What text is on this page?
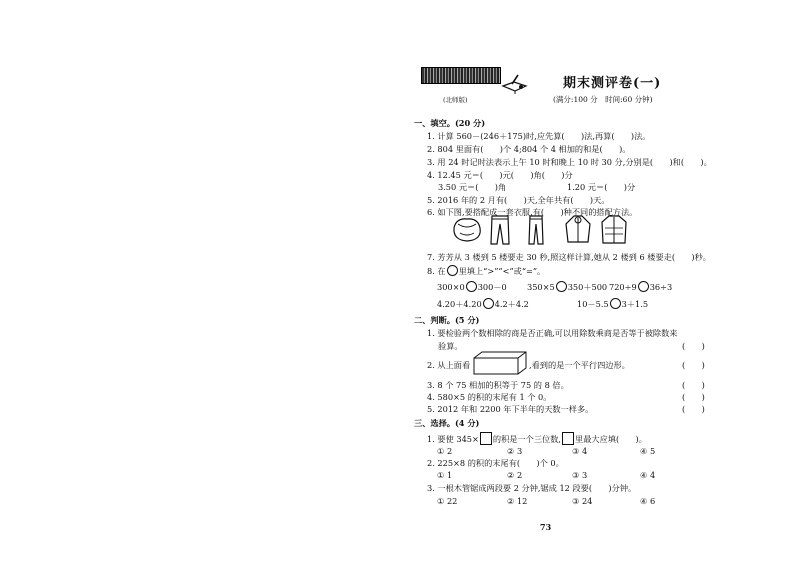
(北师版)
期末测评卷(一)
(满分:100 分　时间:60 分钟)
一、填空。(20 分)
1. 计算 560－(246＋175)时,应先算(　　)法,再算(　　)法。
2. 804 里面有(　　)个 4;804 个 4 相加的和是(　　)。
3. 用 24 时记时法表示上午 10 时和晚上 10 时 30 分,分别是(　　)和(　　)。
4. 12.45 元＝(　　)元(　　)角(　　)分
3.50 元＝(　　)角	1.20 元＝(　　)分
5. 2016 年的 2 月有(　　)天,全年共有(　　)天。
6. 如下图,要搭配成一套衣服,有(　　)种不同的搭配方法。
7. 芳芳从 3 楼到 5 楼要走 30 秒,照这样计算,她从 2 楼到 6 楼要走(　　)秒。
8. 在 里填上“>”“<”或“=”。
300×0 300－0 350×5 350＋500 720÷9 36÷3
4.20＋4.20 4.2＋4.2	10－5.5 3＋1.5
二、判断。(5 分)
1. 要检验两个数相除的商是否正确,可以用除数乘商是否等于被除数来
验算。	(　　)
2. 从上面看	,看到的是一个平行四边形。	(　　)
3. 8 个 75 相加的积等于 75 的 8 倍。	(　　)
4. 580×5 的积的末尾有 1 个 0。	(　　)
5. 2012 年和 2200 年下半年的天数一样多。	(　　)
三、选择。(4 分)
1. 要使 345× 的积是一个三位数, 里最大应填(　　)。
① 2	② 3	③ 4	④ 5
2. 225×8 的积的末尾有(　　)个 0。
① 1	② 2	③ 3	④ 4
3. 一根木管锯成两段要 2 分钟,锯成 12 段要(　　)分钟。
① 22	② 12	③ 24	④ 6
73
